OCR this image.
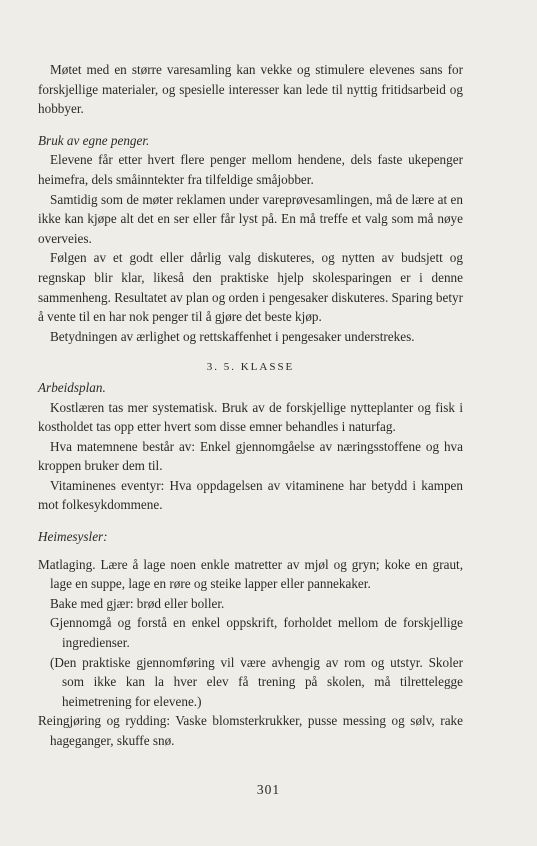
Møtet med en større varesamling kan vekke og stimulere elevenes sans for forskjellige materialer, og spesielle interesser kan lede til nyttig fritidsarbeid og hobbyer.

Bruk av egne penger.

Elevene får etter hvert flere penger mellom hendene, dels faste ukepenger heimefra, dels småinntekter fra tilfeldige småjobber.

Samtidig som de møter reklamen under vareprøvesamlingen, må de lære at en ikke kan kjøpe alt det en ser eller får lyst på. En må treffe et valg som må nøye overveies.

Følgen av et godt eller dårlig valg diskuteres, og nytten av budsjett og regnskap blir klar, likeså den praktiske hjelp skolesparingen er i denne sammenheng. Resultatet av plan og orden i pengesaker diskuteres. Sparing betyr å vente til en har nok penger til å gjøre det beste kjøp.

Betydningen av ærlighet og rettskaffenhet i pengesaker understrekes.

3. 5. KLASSE

Arbeidsplan.

Kostlæren tas mer systematisk. Bruk av de forskjellige nytteplanter og fisk i kostholdet tas opp etter hvert som disse emner behandles i naturfag.

Hva matemnene består av: Enkel gjennomgåelse av næringsstoffene og hva kroppen bruker dem til.

Vitaminenes eventyr: Hva oppdagelsen av vitaminene har betydd i kampen mot folkesykdommene.

Heimesysler:

Matlaging. Lære å lage noen enkle matretter av mjøl og gryn; koke en graut, lage en suppe, lage en røre og steike lapper eller pannekaker.

Bake med gjær: brød eller boller.

Gjennomgå og forstå en enkel oppskrift, forholdet mellom de forskjellige ingredienser.

(Den praktiske gjennomføring vil være avhengig av rom og utstyr. Skoler som ikke kan la hver elev få trening på skolen, må tilrettelegge heimetrening for elevene.)

Reingjøring og rydding: Vaske blomsterkrukker, pusse messing og sølv, rake hageganger, skuffe snø.

301
